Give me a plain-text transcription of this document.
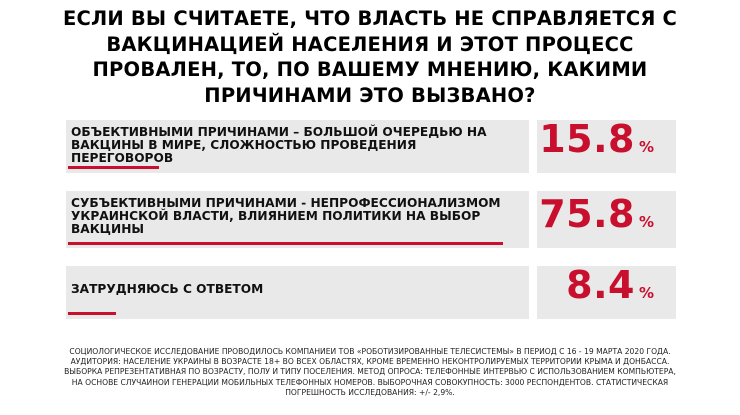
ЕСЛИ ВЫ СЧИТАЕТЕ, ЧТО ВЛАСТЬ НЕ СПРАВЛЯЕТСЯ С ВАКЦИНАЦИЕЙ НАСЕЛЕНИЯ И ЭТОТ ПРОЦЕСС ПРОВАЛЕН, ТО, ПО ВАШЕМУ МНЕНИЮ, КАКИМИ ПРИЧИНАМИ ЭТО ВЫЗВАНО?
ОБЪЕКТИВНЫМИ ПРИЧИНАМИ – БОЛЬШОЙ ОЧЕРЕДЬЮ НА ВАКЦИНЫ В МИРЕ, СЛОЖНОСТЬЮ ПРОВЕДЕНИЯ ПЕРЕГОВОРОВ	15.8 %
СУБЪЕКТИВНЫМИ ПРИЧИНАМИ - НЕПРОФЕССИОНАЛИЗМОМ УКРАИНСКОЙ ВЛАСТИ, ВЛИЯНИЕМ ПОЛИТИКИ НА ВЫБОР ВАКЦИНЫ	75.8 %
ЗАТРУДНЯЮСЬ С ОТВЕТОМ	8.4 %
СОЦИОЛОГИЧЕСКОЕ ИССЛЕДОВАНИЕ ПРОВОДИЛОСЬ КОМПАНИЕИ ТОВ «РОБОТИЗИРОВАННЫЕ ТЕЛЕСИСТЕМЫ» В ПЕРИОД С 16 - 19 МАРТА 2020 ГОДА.
АУДИТОРИЯ: НАСЕЛЕНИЕ УКРАИНЫ В ВОЗРАСТЕ 18+ ВО ВСЕХ ОБЛАСТЯХ, КРОМЕ ВРЕМЕННО НЕКОНТРОЛИРУЕМЫХ ТЕРРИТОРИИ КРЫМА И ДОНБАССА.
ВЫБОРКА РЕПРЕЗЕНТАТИВНАЯ ПО ВОЗРАСТУ, ПОЛУ И ТИПУ ПОСЕЛЕНИЯ. МЕТОД ОПРОСА: ТЕЛЕФОННЫЕ ИНТЕРВЬЮ С ИСПОЛЬЗОВАНИЕМ КОМПЬЮТЕРА,
НА ОСНОВЕ СЛУЧАИНОИ ГЕНЕРАЦИИ МОБИЛЬНЫХ ТЕЛЕФОННЫХ НОМЕРОВ. ВЫБОРОЧНАЯ СОВОКУПНОСТЬ: 3000 РЕСПОНДЕНТОВ. СТАТИСТИЧЕСКАЯ
ПОГРЕШНОСТЬ ИССЛЕДОВАНИЯ: +/- 2,9%.
